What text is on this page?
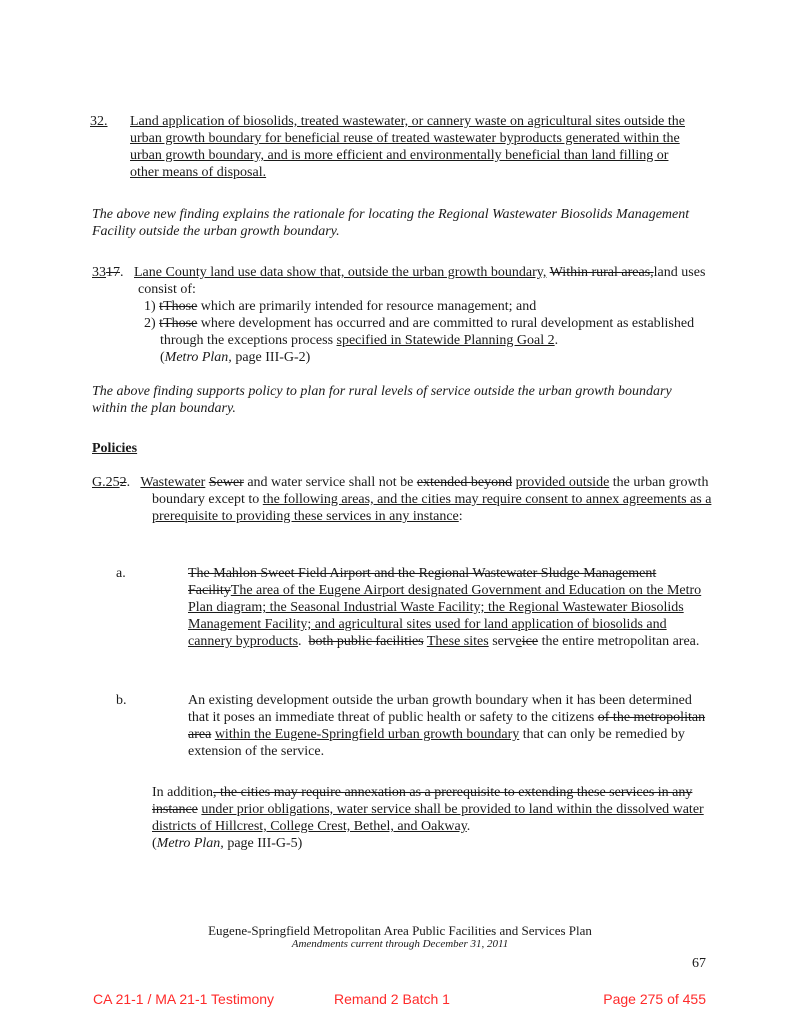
32. Land application of biosolids, treated wastewater, or cannery waste on agricultural sites outside the urban growth boundary for beneficial reuse of treated wastewater byproducts generated within the urban growth boundary, and is more efficient and environmentally beneficial than land filling or other means of disposal.
The above new finding explains the rationale for locating the Regional Wastewater Biosolids Management Facility outside the urban growth boundary.
3317. Lane County land use data show that, outside the urban growth boundary, Within rural areas,land uses consist of:
1) tThose which are primarily intended for resource management; and
2) tThose where development has occurred and are committed to rural development as established through the exceptions process specified in Statewide Planning Goal 2.
(Metro Plan, page III-G-2)
The above finding supports policy to plan for rural levels of service outside the urban growth boundary within the plan boundary.
Policies
G.252. Wastewater Sewer and water service shall not be extended beyond provided outside the urban growth boundary except to the following areas, and the cities may require consent to annex agreements as a prerequisite to providing these services in any instance:
a.	The Mahlon Sweet Field Airport and the Regional Wastewater Sludge Management FacilityThe area of the Eugene Airport designated Government and Education on the Metro Plan diagram; the Seasonal Industrial Waste Facility; the Regional Wastewater Biosolids Management Facility; and agricultural sites used for land application of biosolids and cannery byproducts. both public facilities These sites serveice the entire metropolitan area.
b.	An existing development outside the urban growth boundary when it has been determined that it poses an immediate threat of public health or safety to the citizens of the metropolitan area within the Eugene-Springfield urban growth boundary that can only be remedied by extension of the service.
In addition, the cities may require annexation as a prerequisite to extending these services in any instance under prior obligations, water service shall be provided to land within the dissolved water districts of Hillcrest, College Crest, Bethel, and Oakway.
(Metro Plan, page III-G-5)
Eugene-Springfield Metropolitan Area Public Facilities and Services Plan
Amendments current through December 31, 2011
67
CA 21-1 / MA 21-1 Testimony	Remand 2 Batch 1	Page 275 of 455
